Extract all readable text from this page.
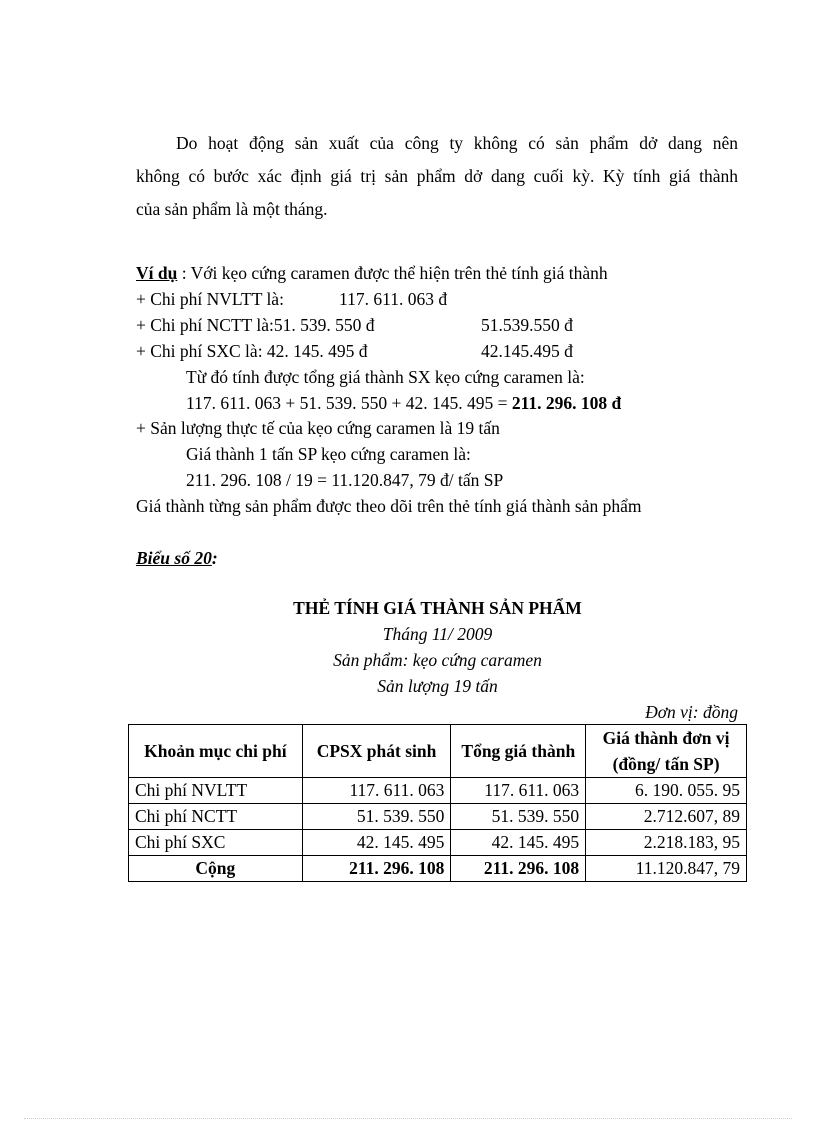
Do hoạt động sản xuất của công ty không có sản phẩm dở dang nên
không có bước xác định giá trị sản phẩm dở dang cuối kỳ. Kỳ tính giá thành
của sản phẩm là một tháng.
Ví dụ : Với kẹo cứng caramen được thể hiện trên thẻ tính giá thành
+ Chi phí NVLTT là:	117. 611. 063 đ
+ Chi phí NCTT là:51. 539. 550 đ	51.539.550 đ
+ Chi phí SXC là: 42. 145. 495 đ	42.145.495 đ
Từ đó tính được tổng giá thành SX kẹo cứng caramen là:
117. 611. 063 + 51. 539. 550 + 42. 145. 495 = 211. 296. 108 đ
+ Sản lượng thực tế của kẹo cứng caramen là 19 tấn
Giá thành 1 tấn SP kẹo cứng caramen là:
211. 296. 108 / 19 = 11.120.847, 79 đ/ tấn SP
Giá thành từng sản phẩm được theo dõi trên thẻ tính giá thành sản phẩm
Biểu số 20:
THẺ TÍNH GIÁ THÀNH SẢN PHẨM
Tháng 11/ 2009
Sản phẩm: kẹo cứng caramen
Sản lượng 19 tấn
Đơn vị: đồng
Khoản mục chi phí	CPSX phát sinh	Tổng giá thành	Giá thành đơn vị (đồng/ tấn SP)
Chi phí NVLTT	117. 611. 063	117. 611. 063	6. 190. 055. 95
Chi phí NCTT	51. 539. 550	51. 539. 550	2.712.607, 89
Chi phí SXC	42. 145. 495	42. 145. 495	2.218.183, 95
Cộng	211. 296. 108	211. 296. 108	11.120.847, 79
